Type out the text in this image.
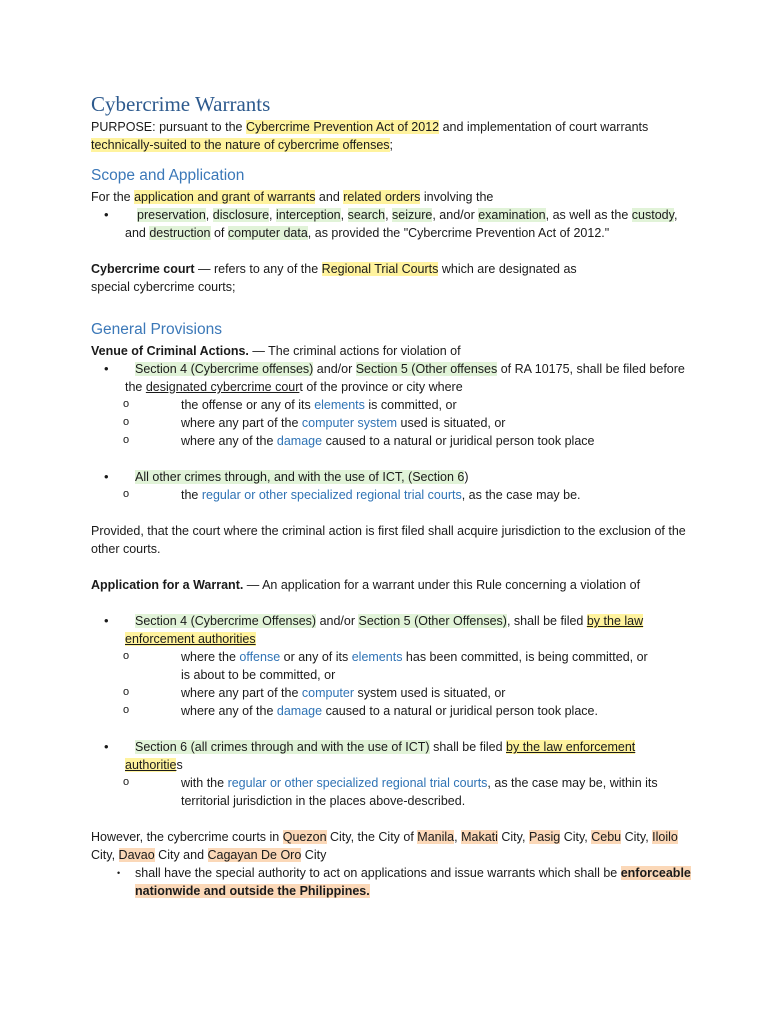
Cybercrime Warrants

PURPOSE: pursuant to the Cybercrime Prevention Act of 2012 and implementation of court warrants technically-suited to the nature of cybercrime offenses;

Scope and Application

For the application and grant of warrants and related orders involving the

• preservation, disclosure, interception, search, seizure, and/or examination, as well as the custody, and destruction of computer data, as provided the "Cybercrime Prevention Act of 2012."

Cybercrime court — refers to any of the Regional Trial Courts which are designated as special cybercrime courts;

General Provisions

Venue of Criminal Actions. — The criminal actions for violation of

• Section 4 (Cybercrime offenses) and/or Section 5 (Other offenses of RA 10175, shall be filed before the designated cybercrime court of the province or city where
o the offense or any of its elements is committed, or
o where any part of the computer system used is situated, or
o where any of the damage caused to a natural or juridical person took place
• All other crimes through, and with the use of ICT, (Section 6)
o the regular or other specialized regional trial courts, as the case may be.

Provided, that the court where the criminal action is first filed shall acquire jurisdiction to the exclusion of the other courts.

Application for a Warrant. — An application for a warrant under this Rule concerning a violation of

• Section 4 (Cybercrime Offenses) and/or Section 5 (Other Offenses), shall be filed by the law enforcement authorities
o where the offense or any of its elements has been committed, is being committed, or is about to be committed, or
o where any part of the computer system used is situated, or
o where any of the damage caused to a natural or juridical person took place.
• Section 6 (all crimes through and with the use of ICT) shall be filed by the law enforcement authorities
o with the regular or other specialized regional trial courts, as the case may be, within its territorial jurisdiction in the places above-described.

However, the cybercrime courts in Quezon City, the City of Manila, Makati City, Pasig City, Cebu City, Iloilo City, Davao City and Cagayan De Oro City

• shall have the special authority to act on applications and issue warrants which shall be enforceable nationwide and outside the Philippines.
